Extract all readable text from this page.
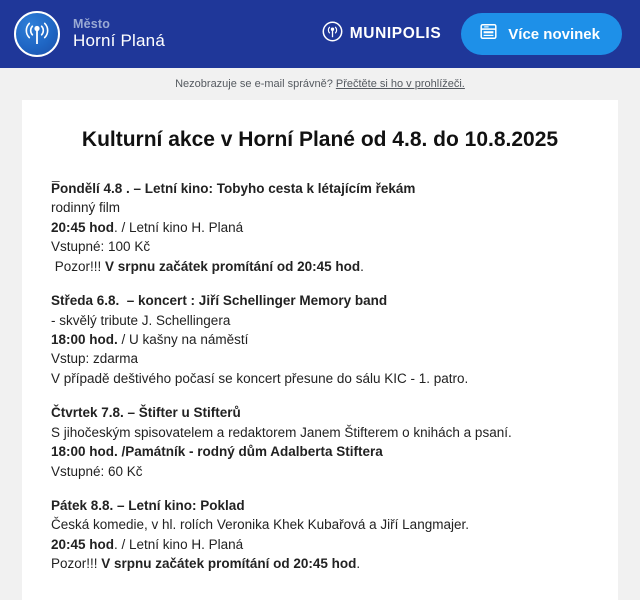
Město
Horní Planá	MUNIPOLIS	Více novinek
Nezobrazuje se e-mail správně? Přečtěte si ho v prohlížeči.
Kulturní akce v Horní Plané od 4.8. do 10.8.2025
_
Pondělí 4.8 . – Letní kino: Tobyho cesta k létajícím řekám
rodinný film
20:45 hod. / Letní kino H. Planá
Vstupné: 100 Kč
Pozor!!! V srpnu začátek promítání od 20:45 hod.
Středa 6.8.  – koncert : Jiří Schellinger Memory band
- skvělý tribute J. Schellingera
18:00 hod. / U kašny na náměstí
Vstup: zdarma
V případě deštivého počasí se koncert přesune do sálu KIC - 1. patro.
Čtvrtek 7.8. – Štifter u Stifterů
S jihočeským spisovatelem a redaktorem Janem Štifterem o knihách a psaní.
18:00 hod. /Památník - rodný dům Adalberta Stiftera
Vstupné: 60 Kč
Pátek 8.8. – Letní kino: Poklad
Česká komedie, v hl. rolích Veronika Khek Kubařová a Jiří Langmajer.
20:45 hod. / Letní kino H. Planá
Pozor!!! V srpnu začátek promítání od 20:45 hod.
